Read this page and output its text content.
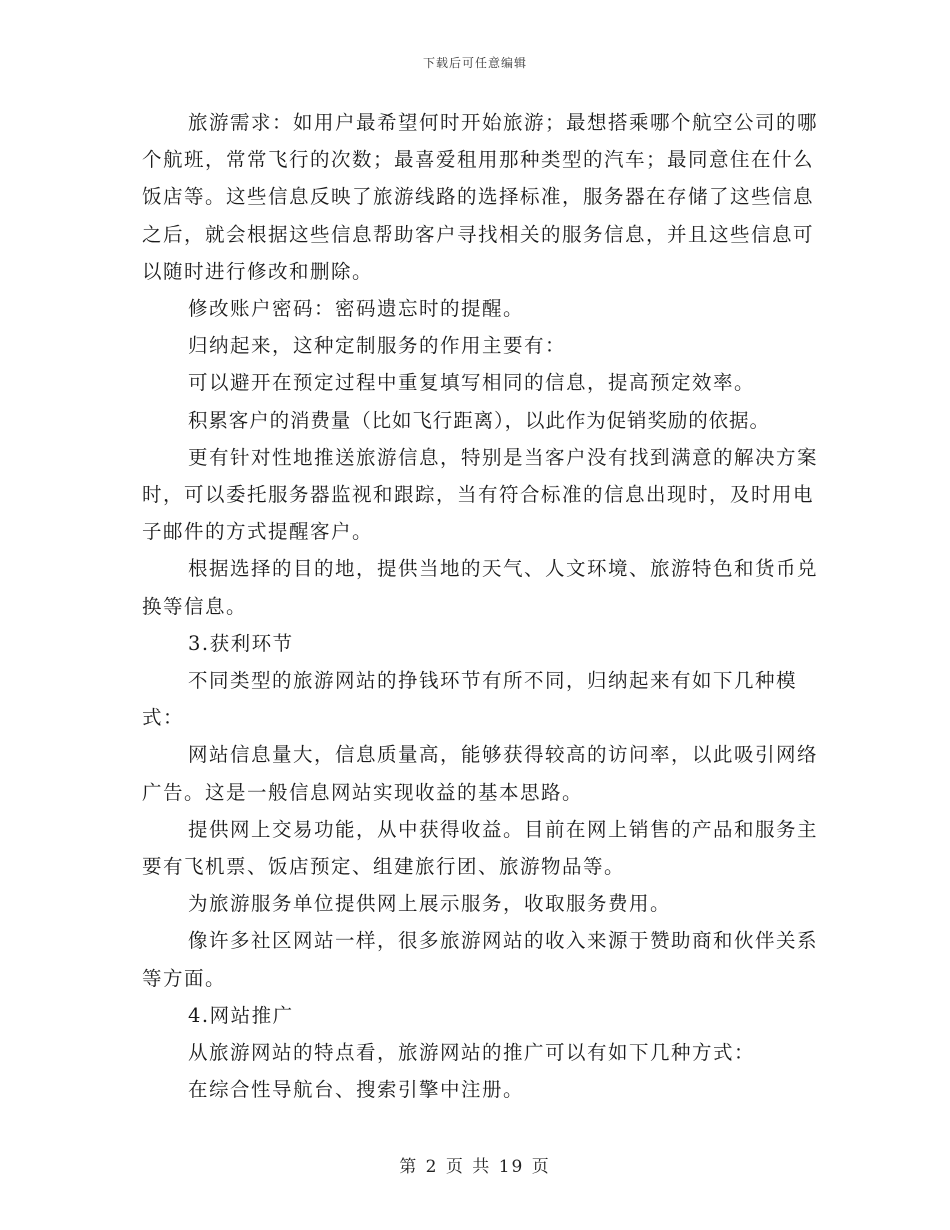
下载后可任意编辑

旅游需求：如用户最希望何时开始旅游；最想搭乘哪个航空公司的哪个航班，常常飞行的次数；最喜爱租用那种类型的汽车；最同意住在什么饭店等。这些信息反映了旅游线路的选择标准，服务器在存储了这些信息之后，就会根据这些信息帮助客户寻找相关的服务信息，并且这些信息可以随时进行修改和删除。

修改账户密码：密码遗忘时的提醒。

归纳起来，这种定制服务的作用主要有：

可以避开在预定过程中重复填写相同的信息，提高预定效率。

积累客户的消费量（比如飞行距离），以此作为促销奖励的依据。

更有针对性地推送旅游信息，特别是当客户没有找到满意的解决方案时，可以委托服务器监视和跟踪，当有符合标准的信息出现时，及时用电子邮件的方式提醒客户。

根据选择的目的地，提供当地的天气、人文环境、旅游特色和货币兑换等信息。

3.获利环节

不同类型的旅游网站的挣钱环节有所不同，归纳起来有如下几种模式：

网站信息量大，信息质量高，能够获得较高的访问率，以此吸引网络广告。这是一般信息网站实现收益的基本思路。

提供网上交易功能，从中获得收益。目前在网上销售的产品和服务主要有飞机票、饭店预定、组建旅行团、旅游物品等。

为旅游服务单位提供网上展示服务，收取服务费用。

像许多社区网站一样，很多旅游网站的收入来源于赞助商和伙伴关系等方面。

4.网站推广

从旅游网站的特点看，旅游网站的推广可以有如下几种方式：

在综合性导航台、搜索引擎中注册。

第 2 页 共 19 页
